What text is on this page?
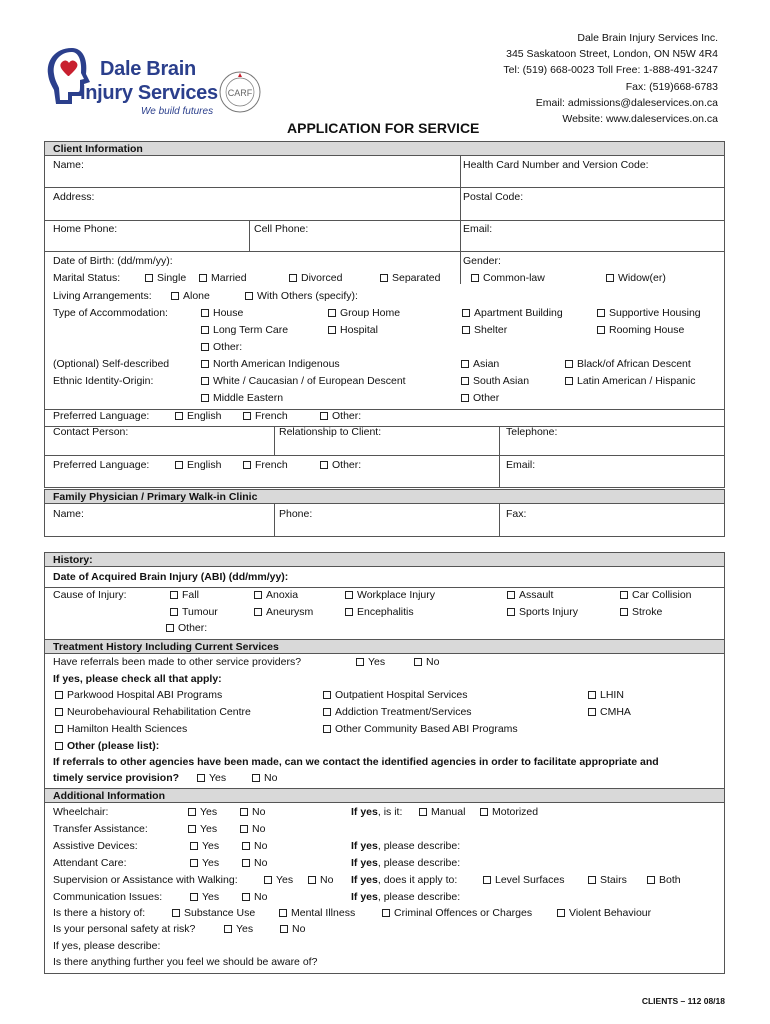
Dale Brain
Injury Services
We build futures
CARF
Dale Brain Injury Services Inc.
345 Saskatoon Street, London, ON N5W 4R4
Tel: (519) 668-0023 Toll Free: 1-888-491-3247
Fax: (519)668-6783
Email: admissions@daleservices.on.ca
Website: www.daleservices.on.ca
APPLICATION FOR SERVICE
Client Information
Name:	Health Card Number and Version Code:
Address:	Postal Code:
Home Phone:	Cell Phone:	Email:
Date of Birth: (dd/mm/yy):	Gender:
Marital Status:	Single	Married	Divorced	Separated	Common-law	Widow(er)
Living Arrangements:	Alone	With Others (specify):
Type of Accommodation:	House	Group Home	Apartment Building	Supportive Housing
Long Term Care	Hospital	Shelter	Rooming House
Other:
(Optional) Self-described
Ethnic Identity-Origin:
North American Indigenous	Asian	Black/of African Descent
White / Caucasian / of European Descent	South Asian	Latin American / Hispanic
Middle Eastern	Other
Preferred Language:	English	French	Other:
Contact Person:	Relationship to Client:	Telephone:
Preferred Language:	English	French	Other:	Email:
Family Physician / Primary Walk-in Clinic
Name:	Phone:	Fax:
History:
Treatment History Including Current Services
Additional Information
Date of Acquired Brain Injury (ABI) (dd/mm/yy):
Cause of Injury:	Fall	Anoxia	Workplace Injury	Assault	Car Collision
Tumour	Aneurysm	Encephalitis	Sports Injury	Stroke
Other:
Have referrals been made to other service providers?	Yes	No
If yes, please check all that apply:
Parkwood Hospital ABI Programs	Outpatient Hospital Services	LHIN
Neurobehavioural Rehabilitation Centre	Addiction Treatment/Services	CMHA
Hamilton Health Sciences	Other Community Based ABI Programs
Other (please list):
If referrals to other agencies have been made, can we contact the identified agencies in order to facilitate appropriate and
timely service provision?	Yes	No
Wheelchair:	Yes	No	If yes, is it:	Manual	Motorized
Transfer Assistance:	Yes	No
Assistive Devices:	Yes	No	If yes, please describe:
Attendant Care:	Yes	No	If yes, please describe:
Supervision or Assistance with Walking:	Yes	No If yes, does it apply to:	Level Surfaces	Stairs	Both
Communication Issues:	Yes	No	If yes, please describe:
Is there a history of:	Substance Use	Mental Illness	Criminal Offences or Charges	Violent Behaviour
Is your personal safety at risk?	Yes	No
If yes, please describe:
Is there anything further you feel we should be aware of?
CLIENTS – 112 08/18
